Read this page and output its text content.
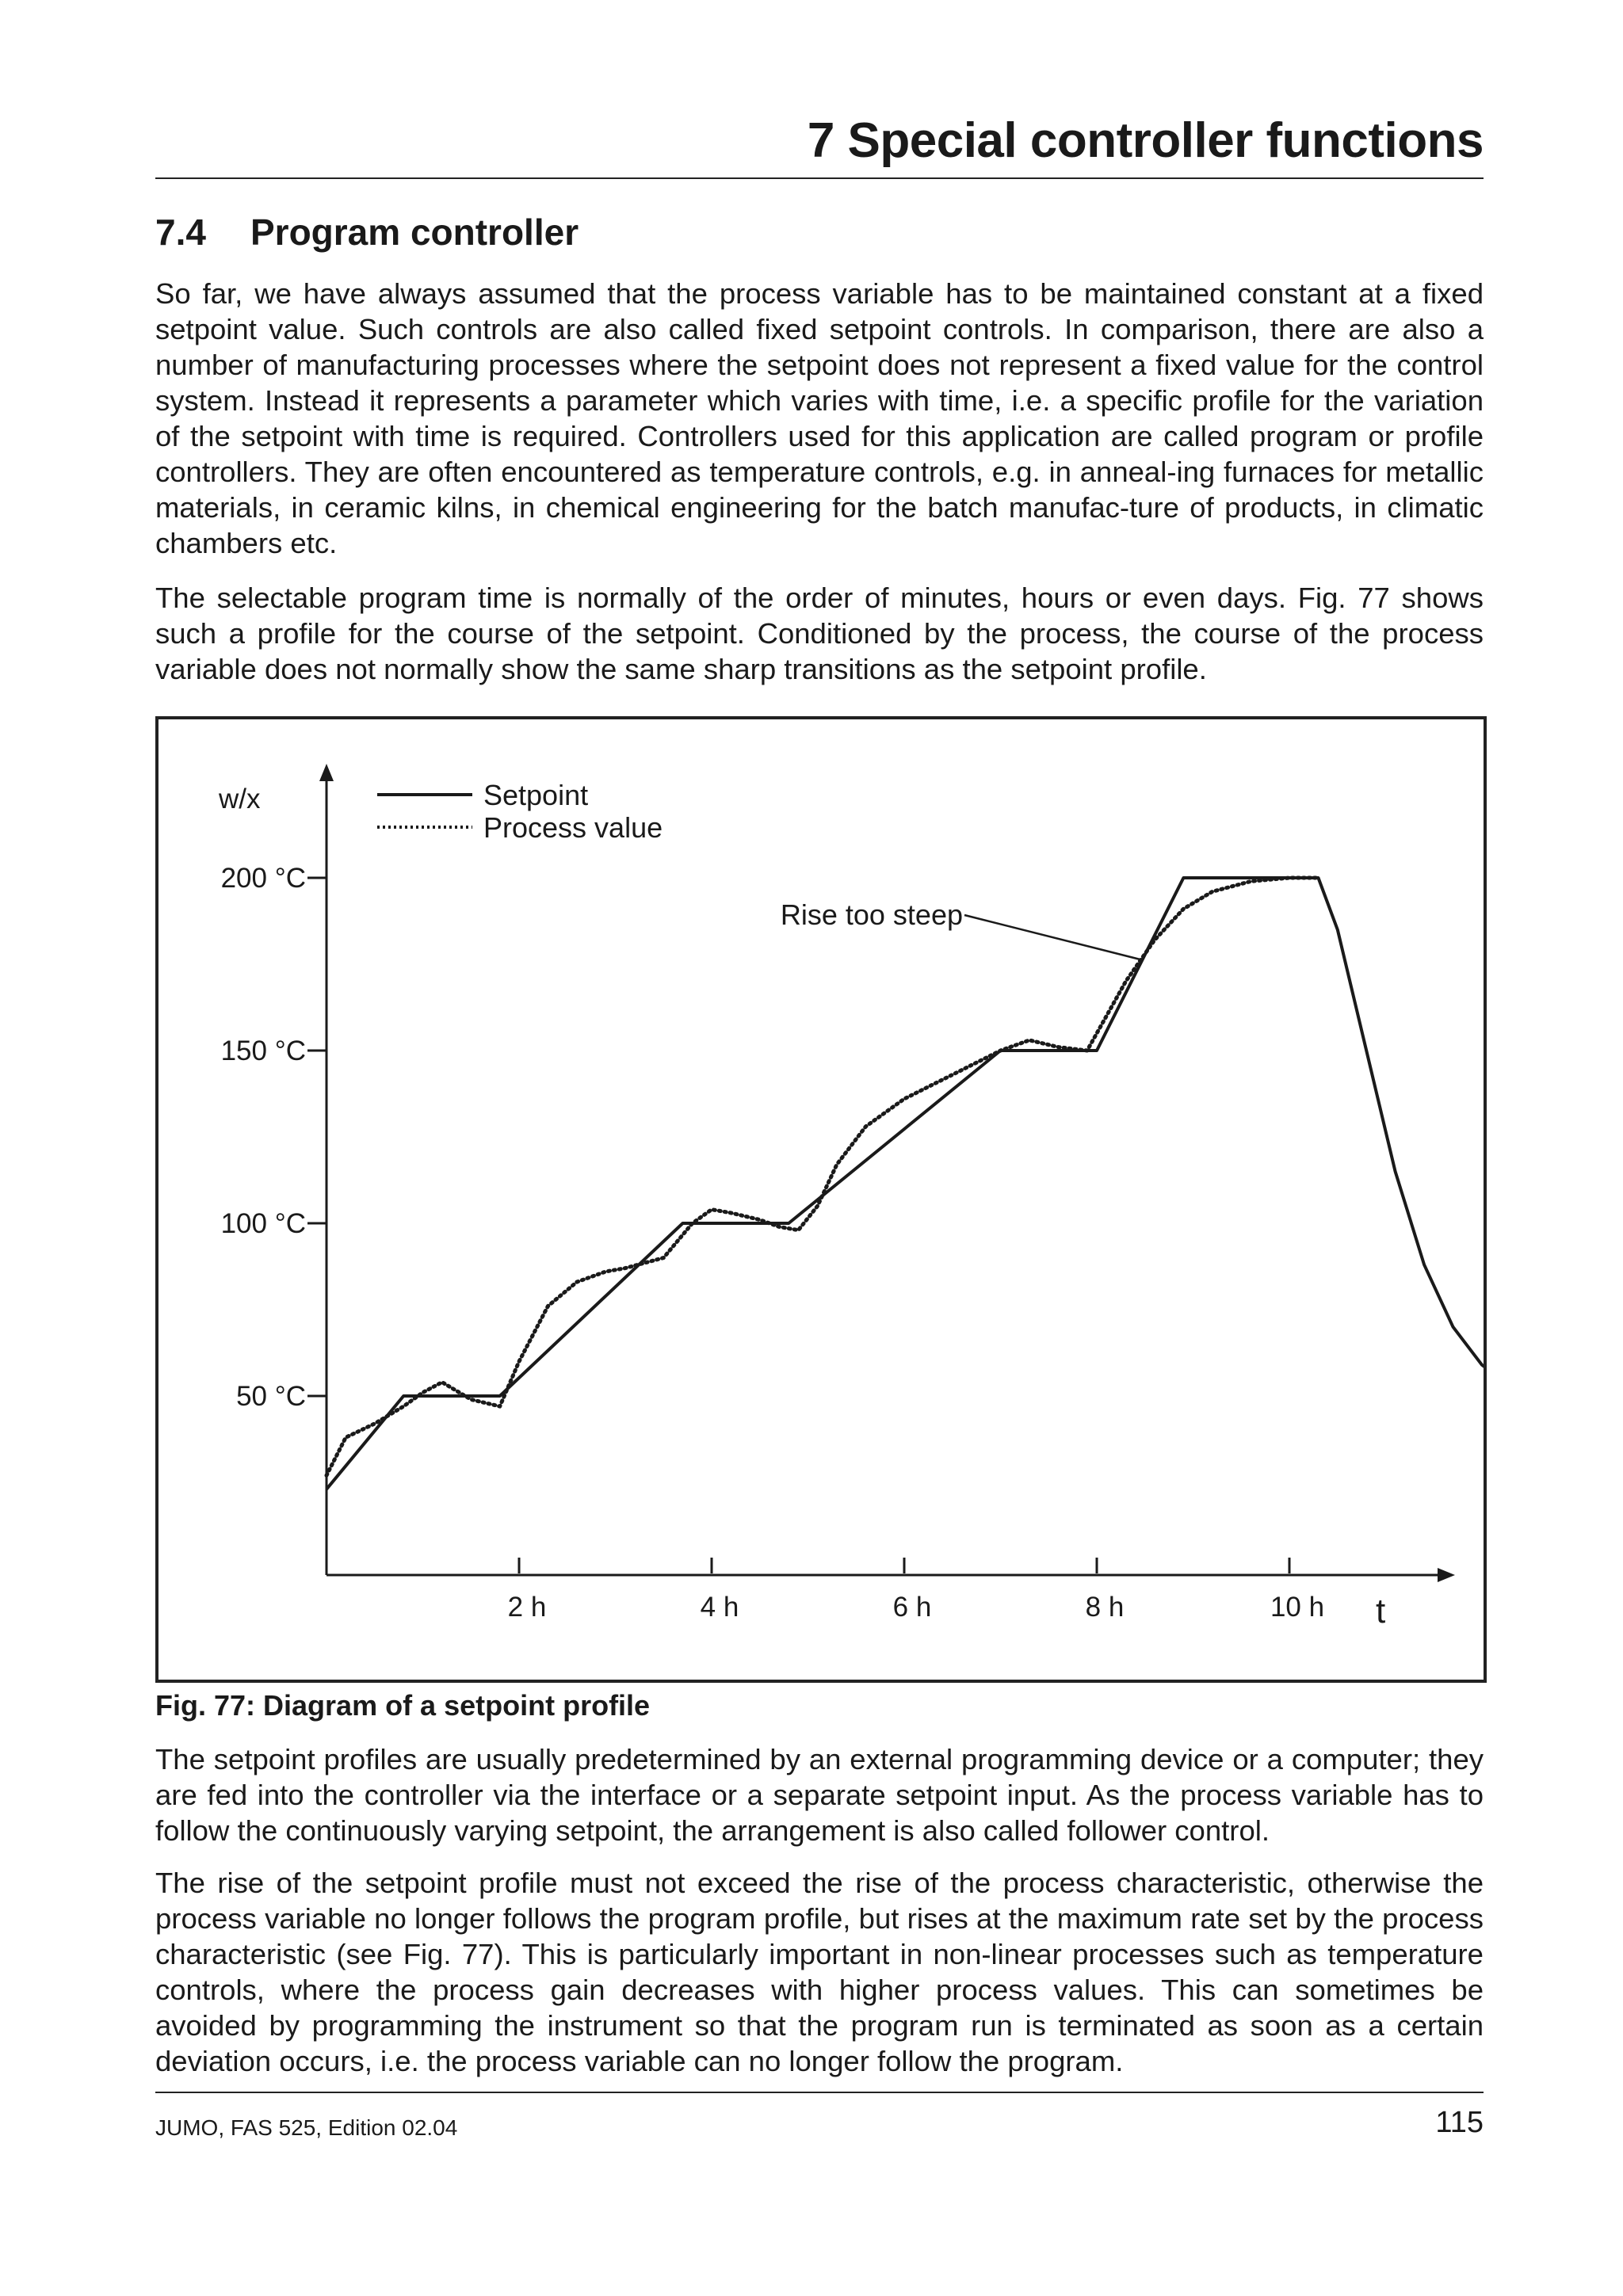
7 Special controller functions
7.4 Program controller

So far, we have always assumed that the process variable has to be maintained constant at a fixed setpoint value. Such controls are also called fixed setpoint controls. In comparison, there are also a number of manufacturing processes where the setpoint does not represent a fixed value for the control system. Instead it represents a parameter which varies with time, i.e. a specific profile for the variation of the setpoint with time is required. Controllers used for this application are called program or profile controllers. They are often encountered as temperature controls, e.g. in anneal-ing furnaces for metallic materials, in ceramic kilns, in chemical engineering for the batch manufac-ture of products, in climatic chambers etc.

The selectable program time is normally of the order of minutes, hours or even days. Fig. 77 shows such a profile for the course of the setpoint. Conditioned by the process, the course of the process variable does not normally show the same sharp transitions as the setpoint profile.

w/x
t
50 °C
100 °C
150 °C
200 °C
2 h	4 h	6 h	8 h	10 h
Setpoint
Process value
Rise too steep

Fig. 77: Diagram of a setpoint profile

The setpoint profiles are usually predetermined by an external programming device or a computer; they are fed into the controller via the interface or a separate setpoint input. As the process variable has to follow the continuously varying setpoint, the arrangement is also called follower control.

The rise of the setpoint profile must not exceed the rise of the process characteristic, otherwise the process variable no longer follows the program profile, but rises at the maximum rate set by the process characteristic (see Fig. 77). This is particularly important in non-linear processes such as temperature controls, where the process gain decreases with higher process values. This can sometimes be avoided by programming the instrument so that the program run is terminated as soon as a certain deviation occurs, i.e. the process variable can no longer follow the program.

JUMO, FAS 525, Edition 02.04	115
